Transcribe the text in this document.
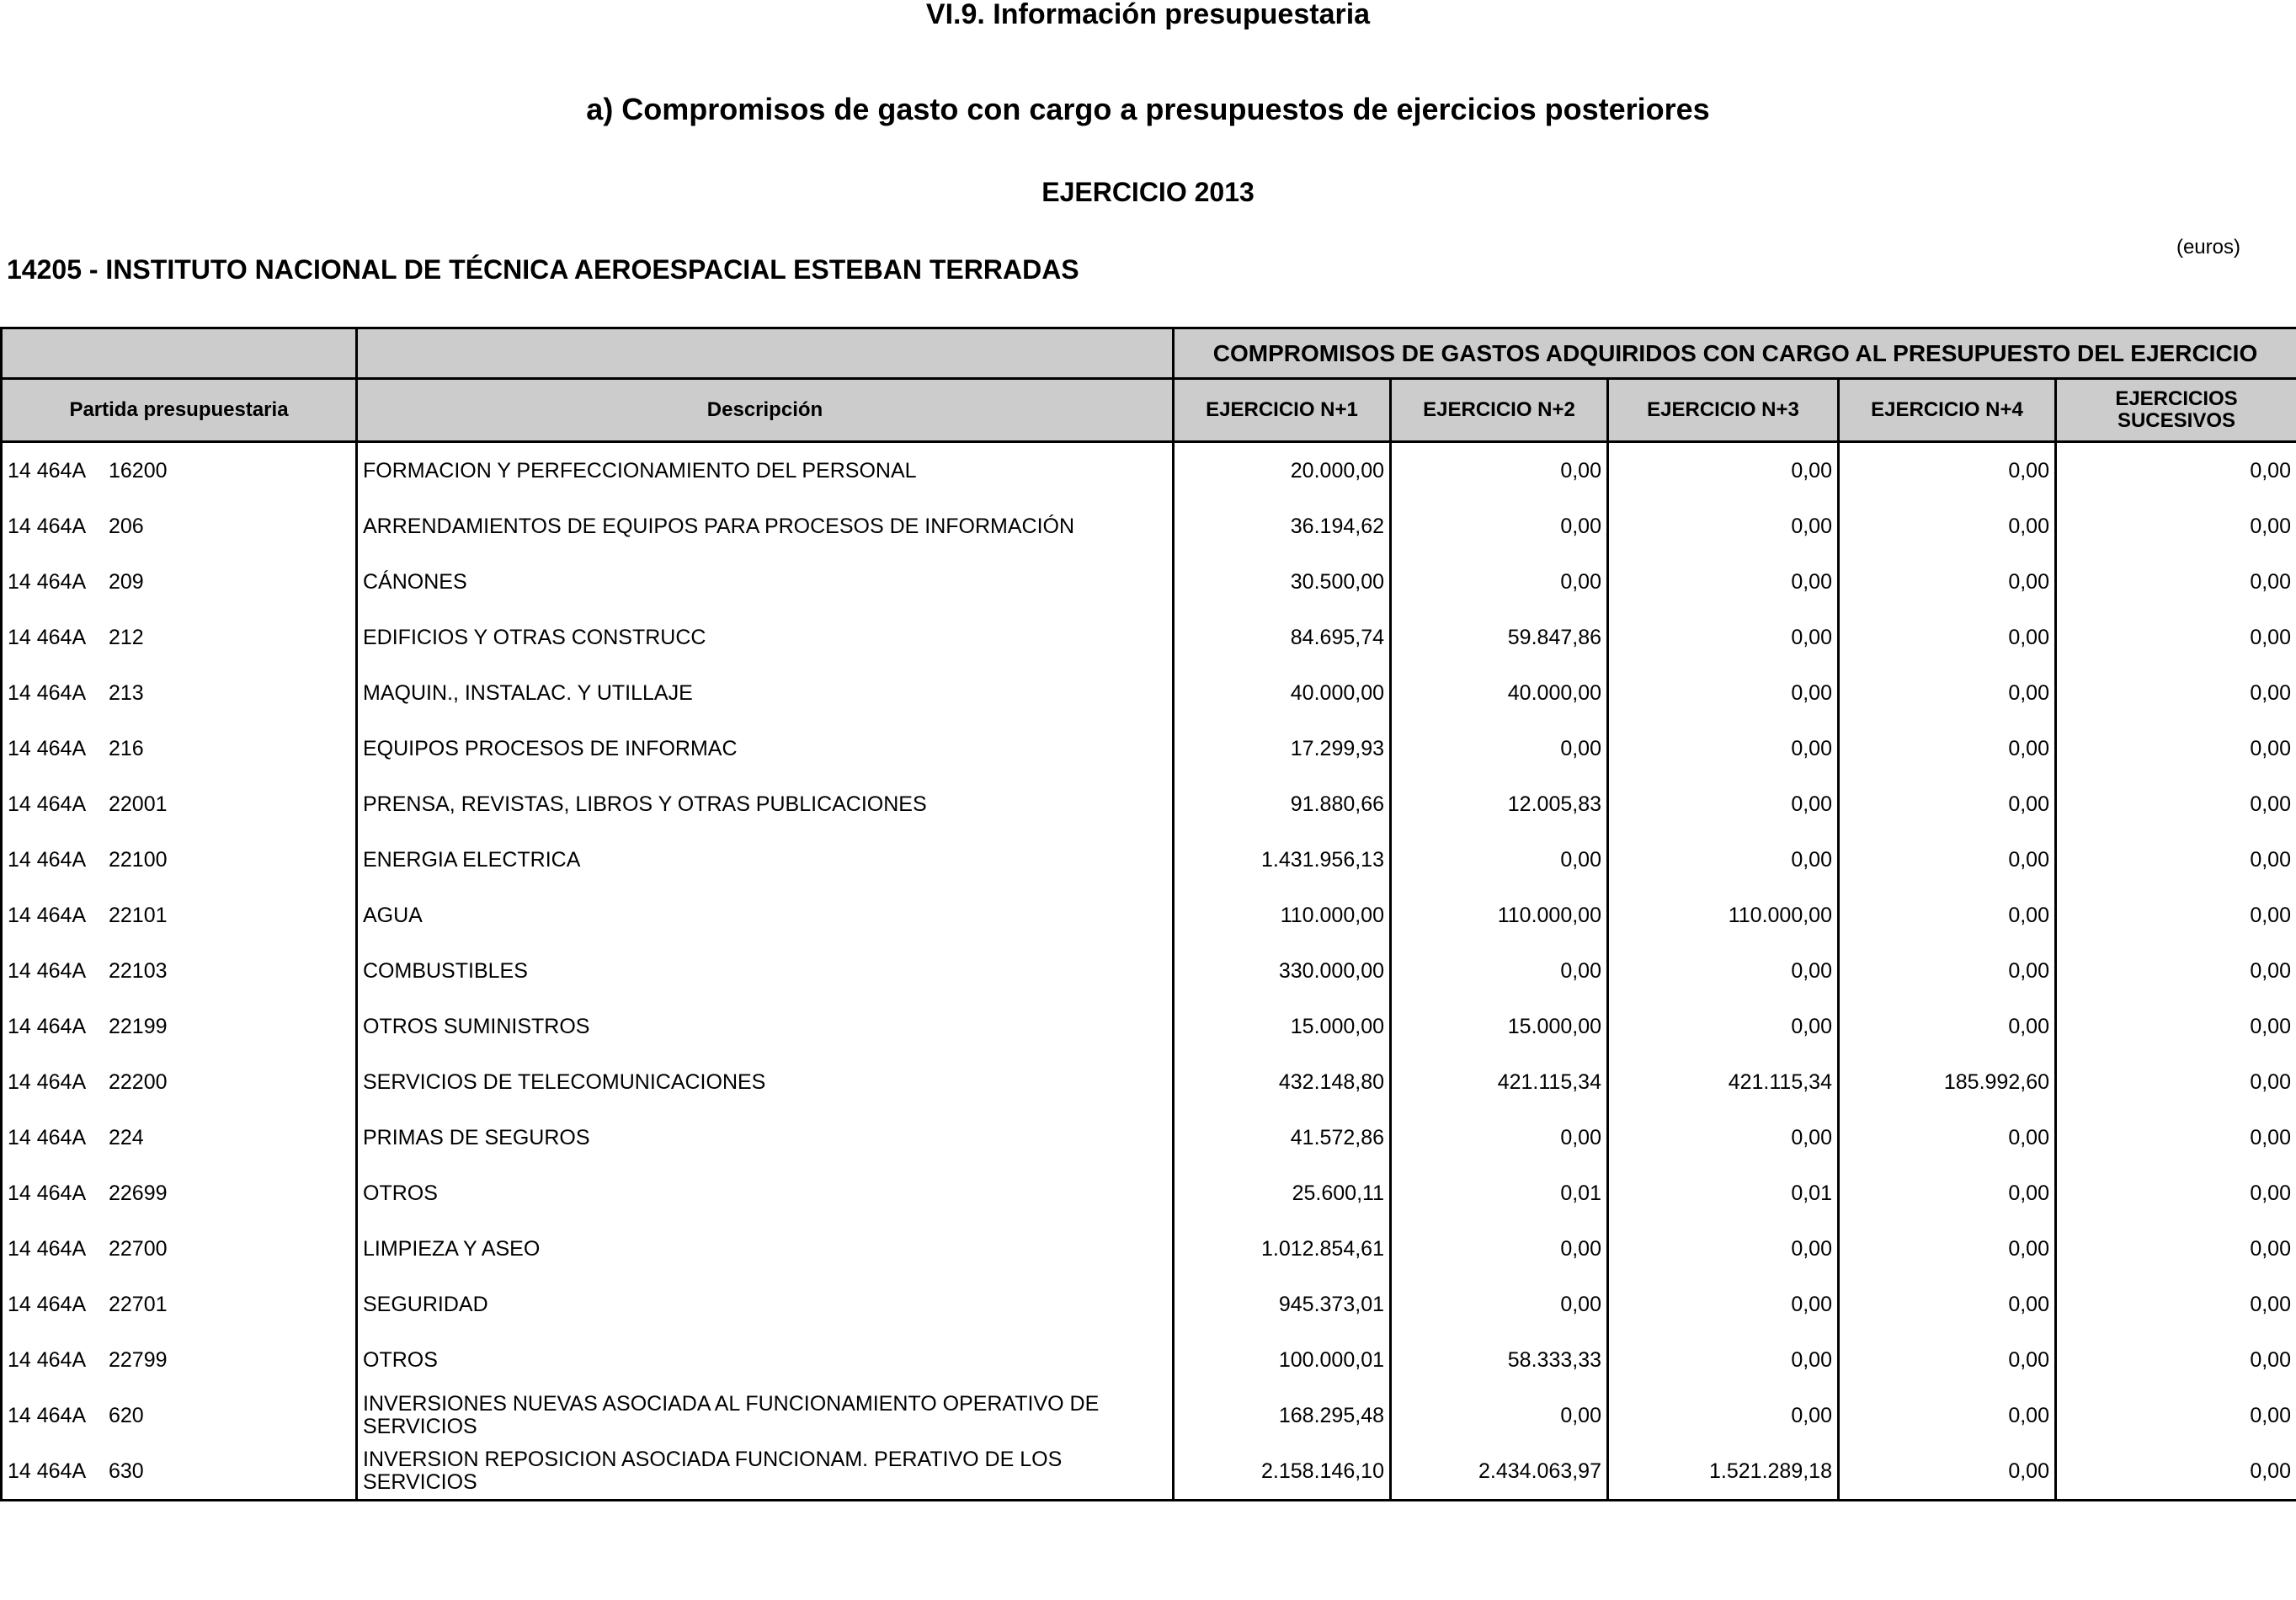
VI.9. Información presupuestaria
a) Compromisos de gasto con cargo a presupuestos de ejercicios posteriores
EJERCICIO 2013
(euros)
14205 - INSTITUTO NACIONAL DE TÉCNICA AEROESPACIAL ESTEBAN TERRADAS
		COMPROMISOS DE GASTOS ADQUIRIDOS CON CARGO AL PRESUPUESTO DEL EJERCICIO				
Partida presupuestaria	Descripción	EJERCICIO N+1	EJERCICIO N+2	EJERCICIO N+3	EJERCICIO N+4	EJERCICIOS SUCESIVOS
14 464A 16200	FORMACION Y PERFECCIONAMIENTO DEL PERSONAL	20.000,00	0,00	0,00	0,00	0,00
14 464A 206	ARRENDAMIENTOS DE EQUIPOS PARA PROCESOS DE INFORMACIÓN	36.194,62	0,00	0,00	0,00	0,00
14 464A 209	CÁNONES	30.500,00	0,00	0,00	0,00	0,00
14 464A 212	EDIFICIOS Y OTRAS CONSTRUCC	84.695,74	59.847,86	0,00	0,00	0,00
14 464A 213	MAQUIN., INSTALAC. Y UTILLAJE	40.000,00	40.000,00	0,00	0,00	0,00
14 464A 216	EQUIPOS PROCESOS DE INFORMAC	17.299,93	0,00	0,00	0,00	0,00
14 464A 22001	PRENSA, REVISTAS, LIBROS Y OTRAS PUBLICACIONES	91.880,66	12.005,83	0,00	0,00	0,00
14 464A 22100	ENERGIA ELECTRICA	1.431.956,13	0,00	0,00	0,00	0,00
14 464A 22101	AGUA	110.000,00	110.000,00	110.000,00	0,00	0,00
14 464A 22103	COMBUSTIBLES	330.000,00	0,00	0,00	0,00	0,00
14 464A 22199	OTROS SUMINISTROS	15.000,00	15.000,00	0,00	0,00	0,00
14 464A 22200	SERVICIOS DE TELECOMUNICACIONES	432.148,80	421.115,34	421.115,34	185.992,60	0,00
14 464A 224	PRIMAS DE SEGUROS	41.572,86	0,00	0,00	0,00	0,00
14 464A 22699	OTROS	25.600,11	0,01	0,01	0,00	0,00
14 464A 22700	LIMPIEZA Y ASEO	1.012.854,61	0,00	0,00	0,00	0,00
14 464A 22701	SEGURIDAD	945.373,01	0,00	0,00	0,00	0,00
14 464A 22799	OTROS	100.000,01	58.333,33	0,00	0,00	0,00
14 464A 620	INVERSIONES NUEVAS ASOCIADA AL FUNCIONAMIENTO OPERATIVO DE SERVICIOS	168.295,48	0,00	0,00	0,00	0,00
14 464A 630	INVERSION REPOSICION ASOCIADA FUNCIONAM. PERATIVO DE LOS SERVICIOS	2.158.146,10	2.434.063,97	1.521.289,18	0,00	0,00
